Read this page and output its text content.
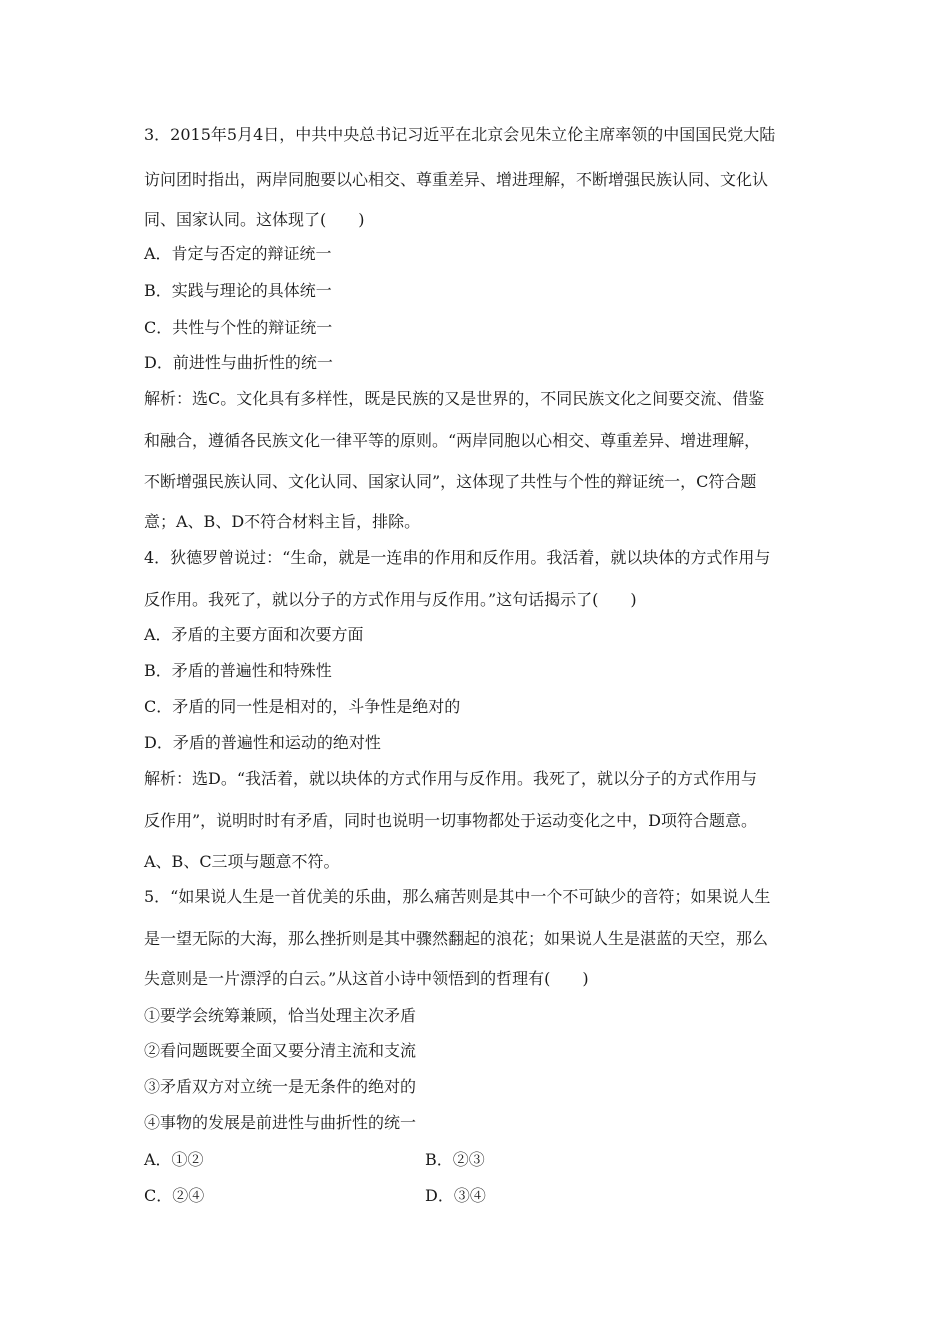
3．2015年5月4日，中共中央总书记习近平在北京会见朱立伦主席率领的中国国民党大陆
访问团时指出，两岸同胞要以心相交、尊重差异、增进理解，不断增强民族认同、文化认
同、国家认同。这体现了(　　)
A．肯定与否定的辩证统一
B．实践与理论的具体统一
C．共性与个性的辩证统一
D．前进性与曲折性的统一
解析：选C。文化具有多样性，既是民族的又是世界的，不同民族文化之间要交流、借鉴
和融合，遵循各民族文化一律平等的原则。“两岸同胞以心相交、尊重差异、增进理解，
不断增强民族认同、文化认同、国家认同”，这体现了共性与个性的辩证统一，C符合题
意；A、B、D不符合材料主旨，排除。
4．狄德罗曾说过：“生命，就是一连串的作用和反作用。我活着，就以块体的方式作用与
反作用。我死了，就以分子的方式作用与反作用。”这句话揭示了(　　)
A．矛盾的主要方面和次要方面
B．矛盾的普遍性和特殊性
C．矛盾的同一性是相对的，斗争性是绝对的
D．矛盾的普遍性和运动的绝对性
解析：选D。“我活着，就以块体的方式作用与反作用。我死了，就以分子的方式作用与
反作用”，说明时时有矛盾，同时也说明一切事物都处于运动变化之中，D项符合题意。
A、B、C三项与题意不符。
5．“如果说人生是一首优美的乐曲，那么痛苦则是其中一个不可缺少的音符；如果说人生
是一望无际的大海，那么挫折则是其中骤然翻起的浪花；如果说人生是湛蓝的天空，那么
失意则是一片漂浮的白云。”从这首小诗中领悟到的哲理有(　　)
①要学会统筹兼顾，恰当处理主次矛盾
②看问题既要全面又要分清主流和支流
③矛盾双方对立统一是无条件的绝对的
④事物的发展是前进性与曲折性的统一
A．①②	B．②③
C．②④	D．③④
